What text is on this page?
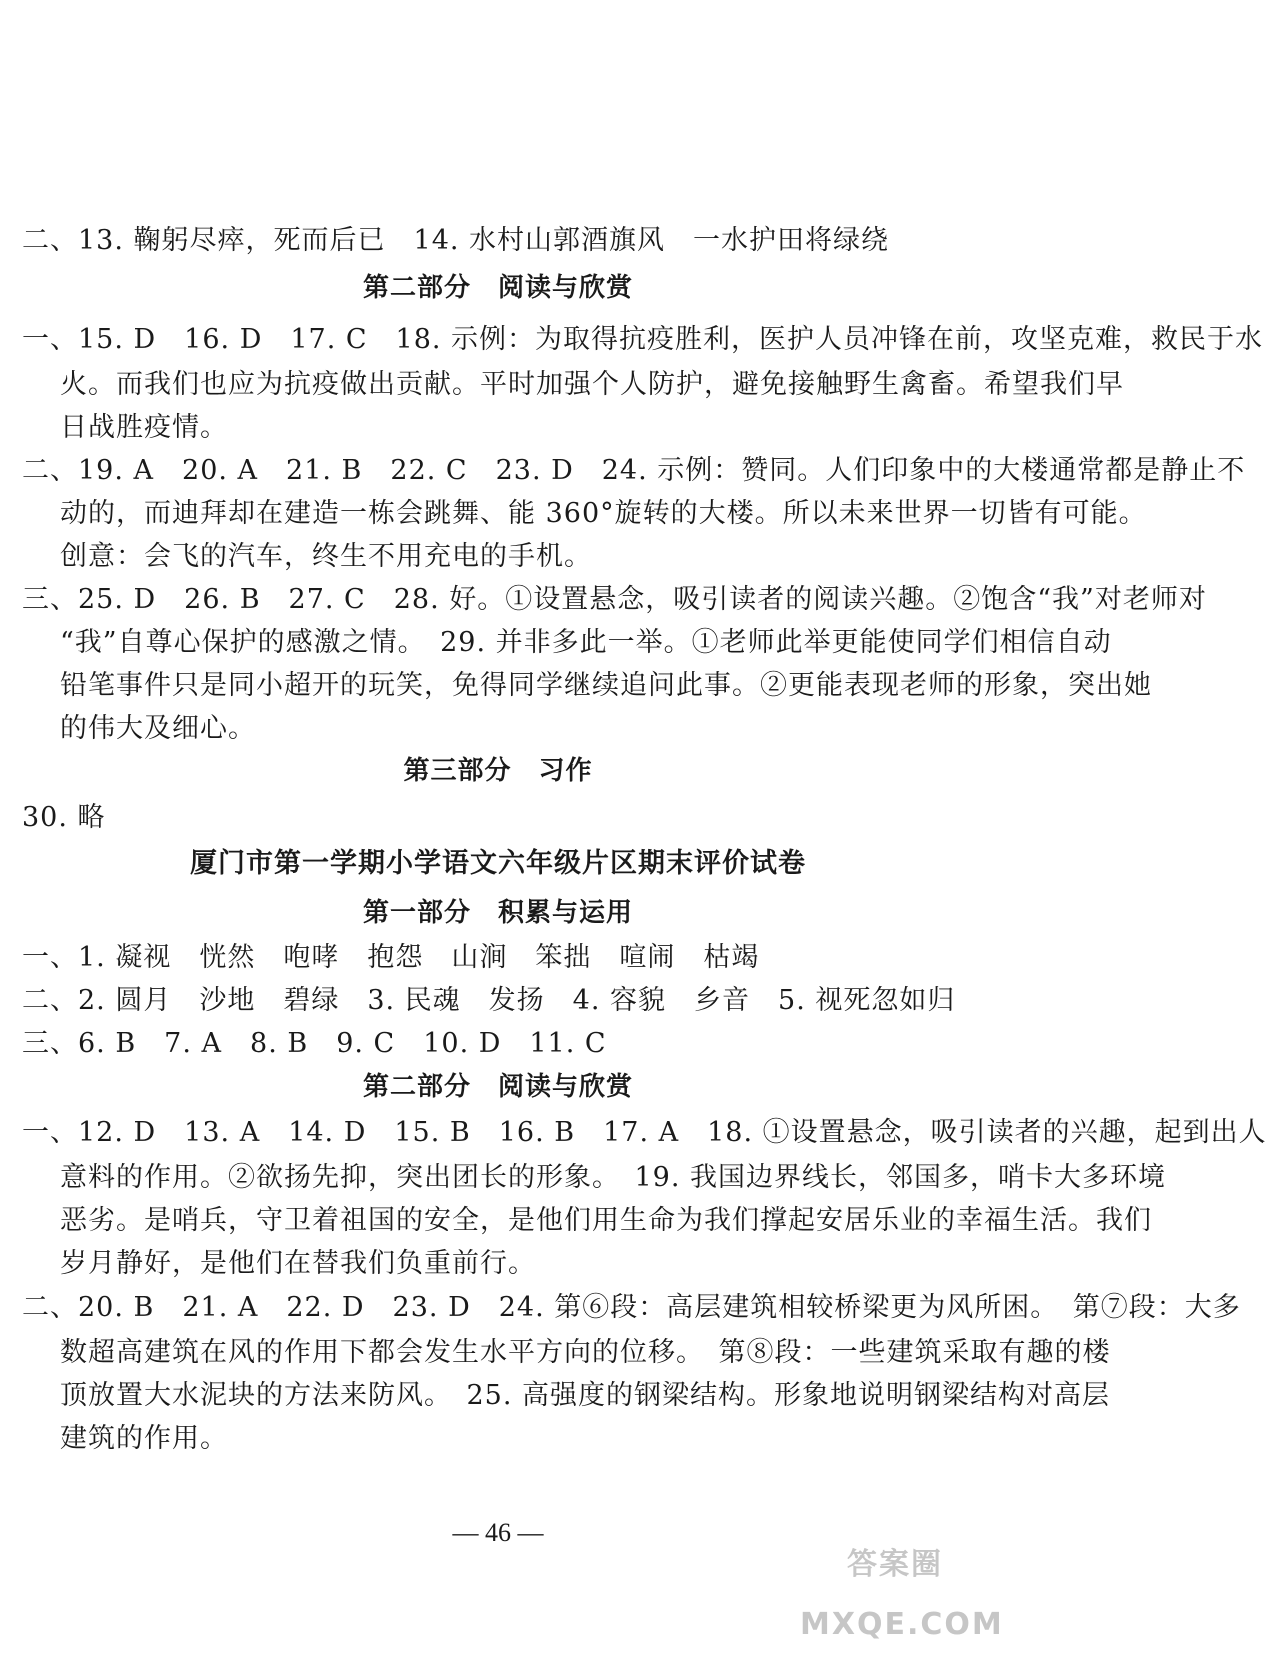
二、13. 鞠躬尽瘁，死而后已　14. 水村山郭酒旗风　一水护田将绿绕
第二部分　阅读与欣赏
一、15. D　16. D　17. C　18. 示例：为取得抗疫胜利，医护人员冲锋在前，攻坚克难，救民于水
火。而我们也应为抗疫做出贡献。平时加强个人防护，避免接触野生禽畜。希望我们早
日战胜疫情。
二、19. A　20. A　21. B　22. C　23. D　24. 示例：赞同。人们印象中的大楼通常都是静止不
动的，而迪拜却在建造一栋会跳舞、能 360°旋转的大楼。所以未来世界一切皆有可能。
创意：会飞的汽车，终生不用充电的手机。
三、25. D　26. B　27. C　28. 好。①设置悬念，吸引读者的阅读兴趣。②饱含“我”对老师对
“我”自尊心保护的感激之情。　29. 并非多此一举。①老师此举更能使同学们相信自动
铅笔事件只是同小超开的玩笑，免得同学继续追问此事。②更能表现老师的形象，突出她
的伟大及细心。
第三部分　习作
30. 略
厦门市第一学期小学语文六年级片区期末评价试卷
第一部分　积累与运用
一、1. 凝视　恍然　咆哮　抱怨　山涧　笨拙　喧闹　枯竭
二、2. 圆月　沙地　碧绿　3. 民魂　发扬　4. 容貌　乡音　5. 视死忽如归
三、6. B　7. A　8. B　9. C　10. D　11. C
第二部分　阅读与欣赏
一、12. D　13. A　14. D　15. B　16. B　17. A　18. ①设置悬念，吸引读者的兴趣，起到出人
意料的作用。②欲扬先抑，突出团长的形象。　19. 我国边界线长，邻国多，哨卡大多环境
恶劣。是哨兵，守卫着祖国的安全，是他们用生命为我们撑起安居乐业的幸福生活。我们
岁月静好，是他们在替我们负重前行。
二、20. B　21. A　22. D　23. D　24. 第⑥段：高层建筑相较桥梁更为风所困。　第⑦段：大多
数超高建筑在风的作用下都会发生水平方向的位移。　第⑧段：一些建筑采取有趣的楼
顶放置大水泥块的方法来防风。　25. 高强度的钢梁结构。形象地说明钢梁结构对高层
建筑的作用。
— 46 —
答案圈 MXQE.COM
